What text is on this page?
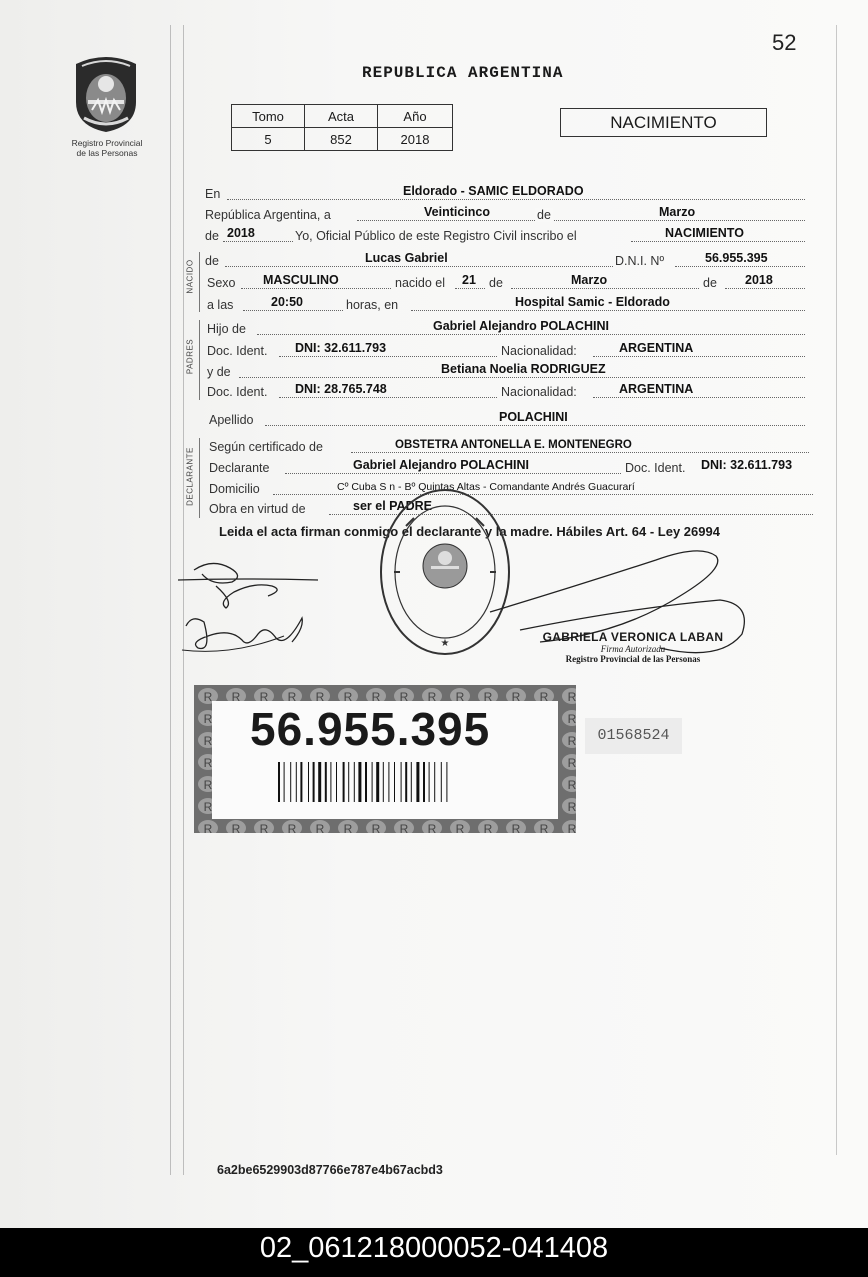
52
REPUBLICA ARGENTINA
Registro Provincial
de las Personas
Tomo	Acta	Año
5	852	2018
NACIMIENTO
En	Eldorado - SAMIC ELDORADO
República Argentina, a	Veinticinco	de	Marzo
de 2018	Yo, Oficial Público de este Registro Civil inscribo el	NACIMIENTO
NACIDO de	Lucas Gabriel	D.N.I. Nº	56.955.395
Sexo MASCULINO	nacido el 21 de	Marzo	de 2018
a las	20:50	horas, en	Hospital Samic - Eldorado
PADRES
Hijo de	Gabriel Alejandro POLACHINI
Doc. Ident. DNI: 32.611.793	Nacionalidad:	ARGENTINA
y de	Betiana Noelia RODRIGUEZ
Doc. Ident. DNI: 28.765.748	Nacionalidad:	ARGENTINA
Apellido	POLACHINI
DECLARANTE
Según certificado de	OBSTETRA ANTONELLA E. MONTENEGRO
Declarante	Gabriel Alejandro POLACHINI	Doc. Ident. DNI: 32.611.793
Domicilio	Cº Cuba S n - Bº Quintas Altas - Comandante Andrés Guacurarí
Obra en virtud de	ser el PADRE
Leida el acta firman conmigo el declarante y la madre. Hábiles Art. 64 - Ley 26994
★	GABRIELA VERONICA LABAN
Firma Autorizada
Registro Provincial de las Personas
56.955.395	01568524
6a2be6529903d87766e787e4b67acbd3
02_061218000052-041408
